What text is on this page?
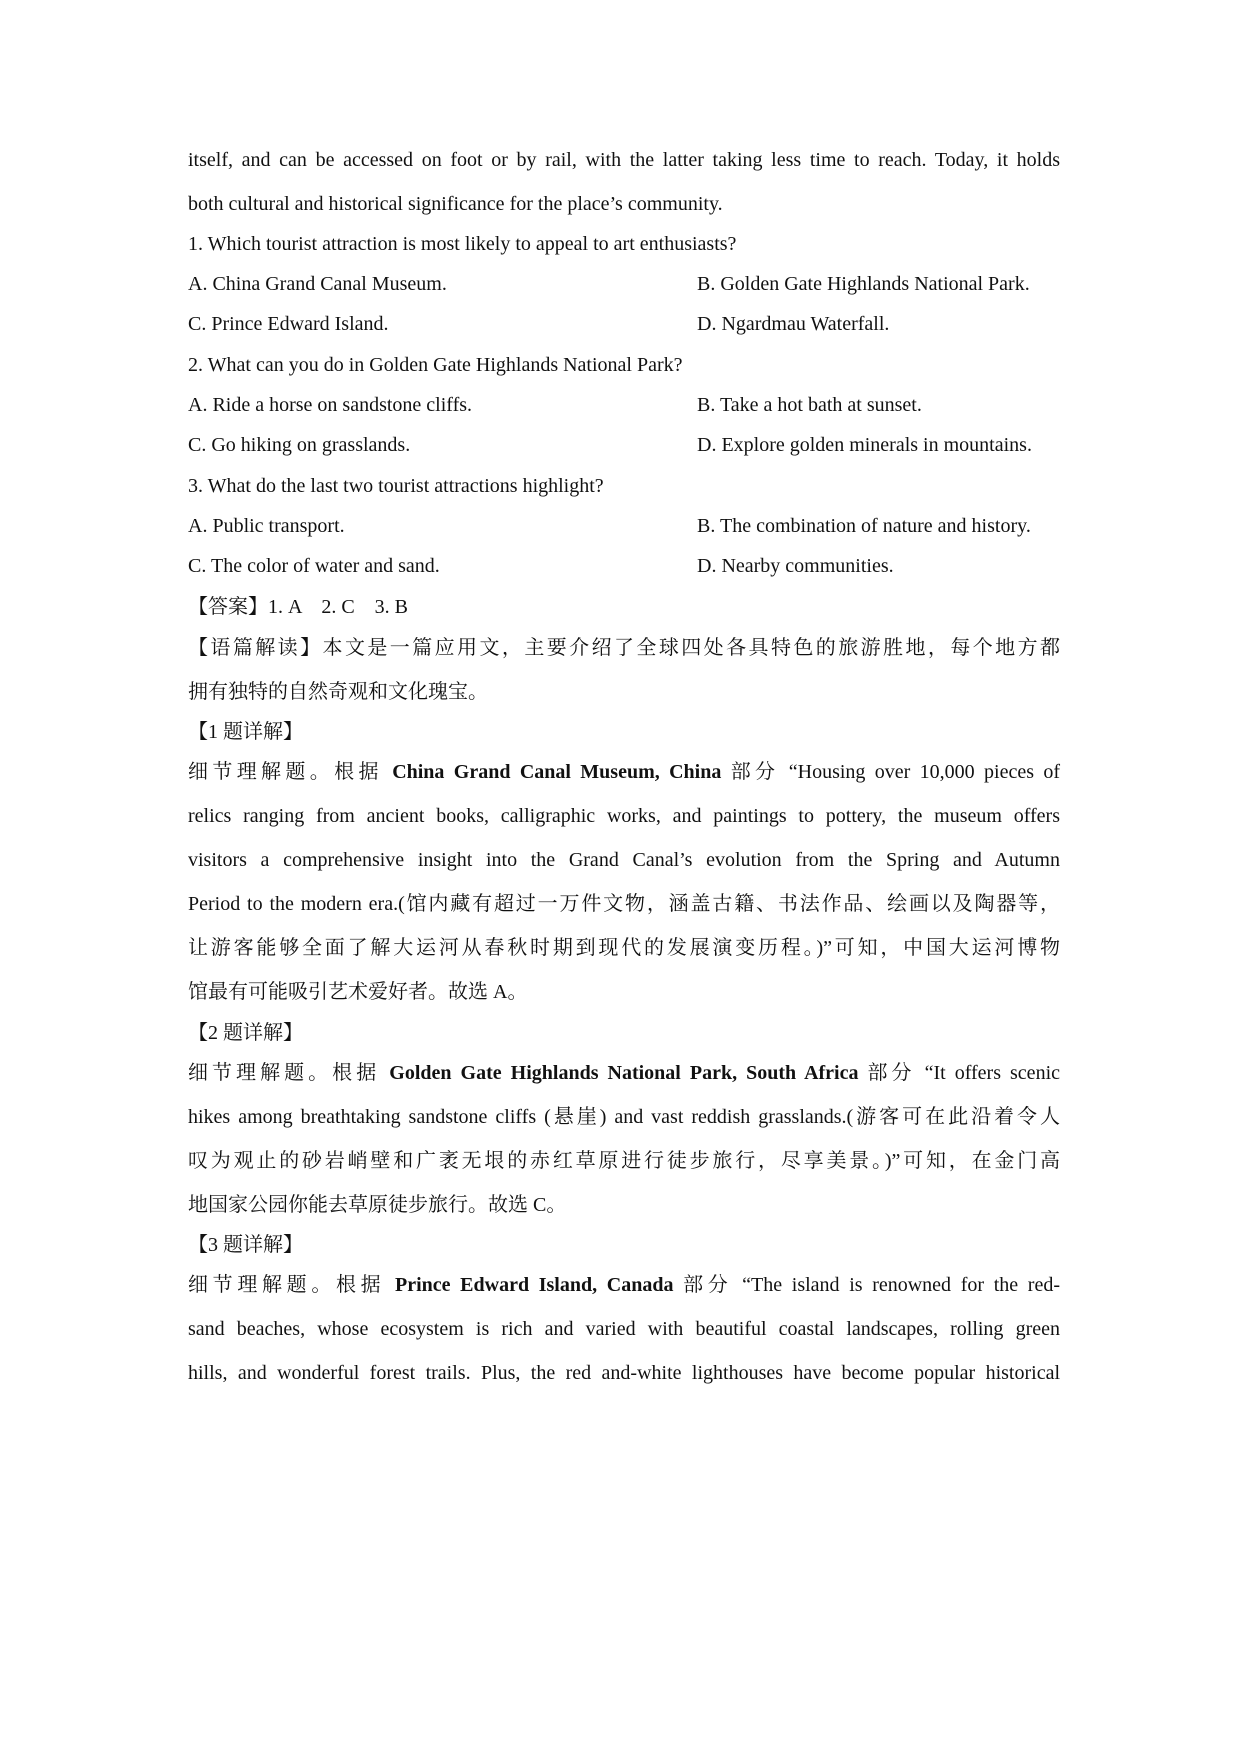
itself, and can be accessed on foot or by rail, with the latter taking less time to reach. Today, it holds
both cultural and historical significance for the place’s community.
1. Which tourist attraction is most likely to appeal to art enthusiasts?
A. China Grand Canal Museum.	B. Golden Gate Highlands National Park.
C. Prince Edward Island.	D. Ngardmau Waterfall.
2. What can you do in Golden Gate Highlands National Park?
A. Ride a horse on sandstone cliffs.	B. Take a hot bath at sunset.
C. Go hiking on grasslands.	D. Explore golden minerals in mountains.
3. What do the last two tourist attractions highlight?
A. Public transport.	B. The combination of nature and history.
C. The color of water and sand.	D. Nearby communities.
【答案】1. A　2. C　3. B
【语篇解读】本文是一篇应用文，主要介绍了全球四处各具特色的旅游胜地，每个地方都
拥有独特的自然奇观和文化瑰宝。
【1 题详解】
细节理解题。根据 China Grand Canal Museum, China 部分 “Housing over 10,000 pieces of
relics ranging from ancient books, calligraphic works, and paintings to pottery, the museum offers
visitors a comprehensive insight into the Grand Canal’s evolution from the Spring and Autumn
Period to the modern era.(馆内藏有超过一万件文物，涵盖古籍、书法作品、绘画以及陶器等，
让游客能够全面了解大运河从春秋时期到现代的发展演变历程。)”可知，中国大运河博物
馆最有可能吸引艺术爱好者。故选 A。
【2 题详解】
细节理解题。根据 Golden Gate Highlands National Park, South Africa 部分 “It offers scenic
hikes among breathtaking sandstone cliffs (悬崖) and vast reddish grasslands.(游客可在此沿着令人
叹为观止的砂岩峭壁和广袤无垠的赤红草原进行徒步旅行，尽享美景。)”可知，在金门高
地国家公园你能去草原徒步旅行。故选 C。
【3 题详解】
细节理解题。根据 Prince Edward Island, Canada 部分 “The island is renowned for the red-
sand beaches, whose ecosystem is rich and varied with beautiful coastal landscapes, rolling green
hills, and wonderful forest trails. Plus, the red and-white lighthouses have become popular historical
